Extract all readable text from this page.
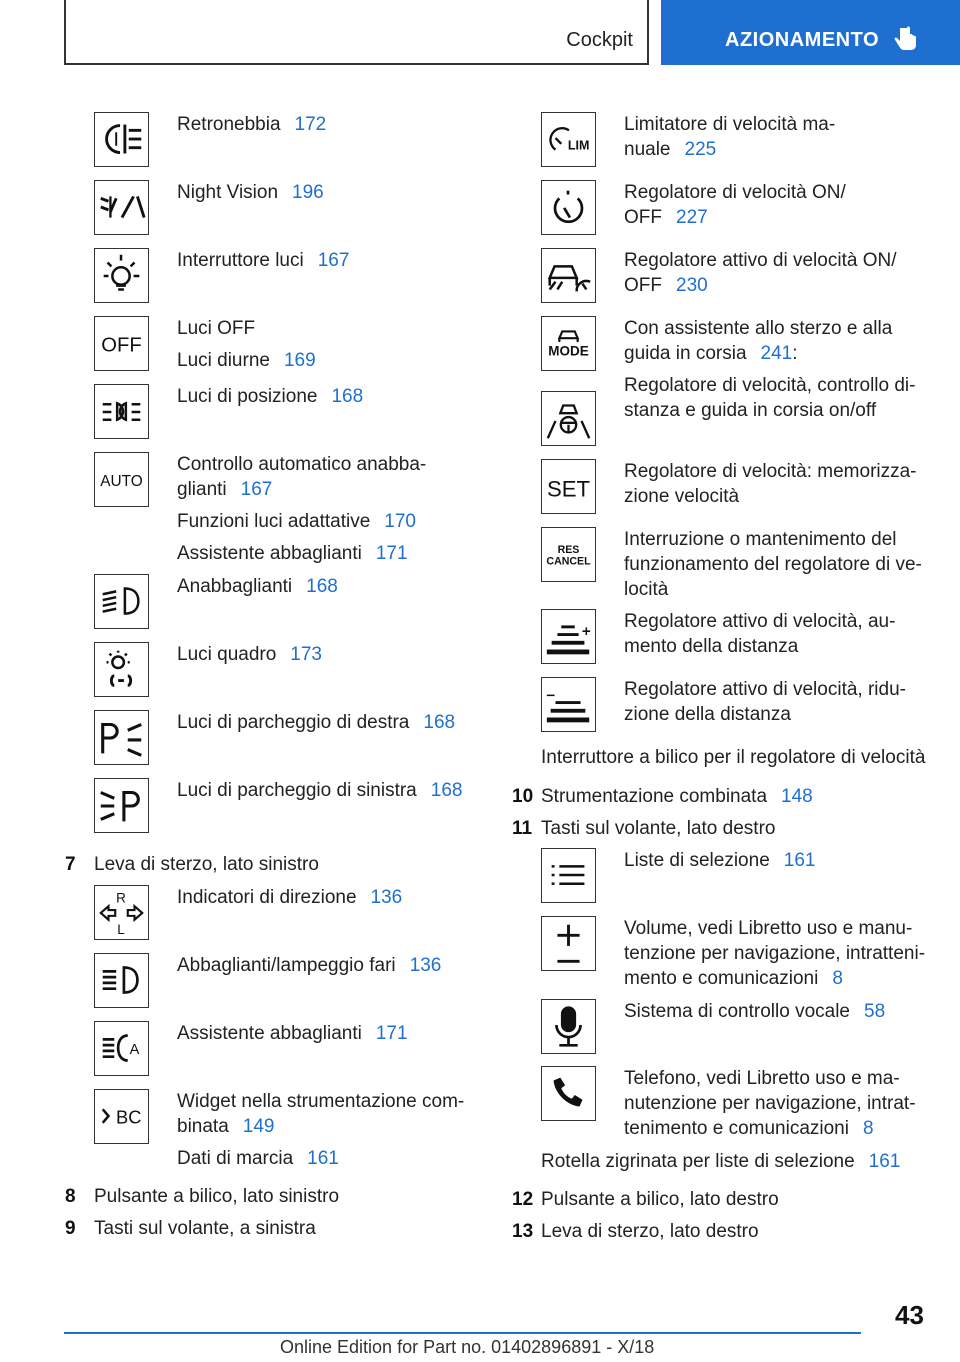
Cockpit	AZIONAMENTO
OFF
AUTO
R
L
A
BC
Retronebbia 172
Night Vision 196
Interruttore luci 167
Luci OFF
Luci diurne 169
Luci di posizione 168
Controllo automatico anabba-
glianti 167
Funzioni luci adattative 170
Assistente abbaglianti 171
Anabbaglianti 168
Luci quadro 173
Luci di parcheggio di destra 168
Luci di parcheggio di sinistra 168
7 Leva di sterzo, lato sinistro
Indicatori di direzione 136
Abbaglianti/lampeggio fari 136
Assistente abbaglianti 171
Widget nella strumentazione com-
binata 149
Dati di marcia 161
8 Pulsante a bilico, lato sinistro
9 Tasti sul volante, a sinistra
LIM
MODE
SET
RES
CANCEL
Limitatore di velocità ma-
nuale 225
Regolatore di velocità ON/
OFF 227
Regolatore attivo di velocità ON/
OFF 230
Con assistente allo sterzo e alla
guida in corsia 241:
Regolatore di velocità, controllo di-
stanza e guida in corsia on/off
Regolatore di velocità: memorizza-
zione velocità
Interruzione o mantenimento del
funzionamento del regolatore di ve-
locità
Regolatore attivo di velocità, au-
mento della distanza
Regolatore attivo di velocità, ridu-
zione della distanza
Interruttore a bilico per il regolatore di velocità
10 Strumentazione combinata 148
11 Tasti sul volante, lato destro
Liste di selezione 161
Volume, vedi Libretto uso e manu-
tenzione per navigazione, intratteni-
mento e comunicazioni 8
Sistema di controllo vocale 58
Telefono, vedi Libretto uso e ma-
nutenzione per navigazione, intrat-
tenimento e comunicazioni 8
Rotella zigrinata per liste di selezione 161
12 Pulsante a bilico, lato destro
13 Leva di sterzo, lato destro
43
Online Edition for Part no. 01402896891 - X/18
